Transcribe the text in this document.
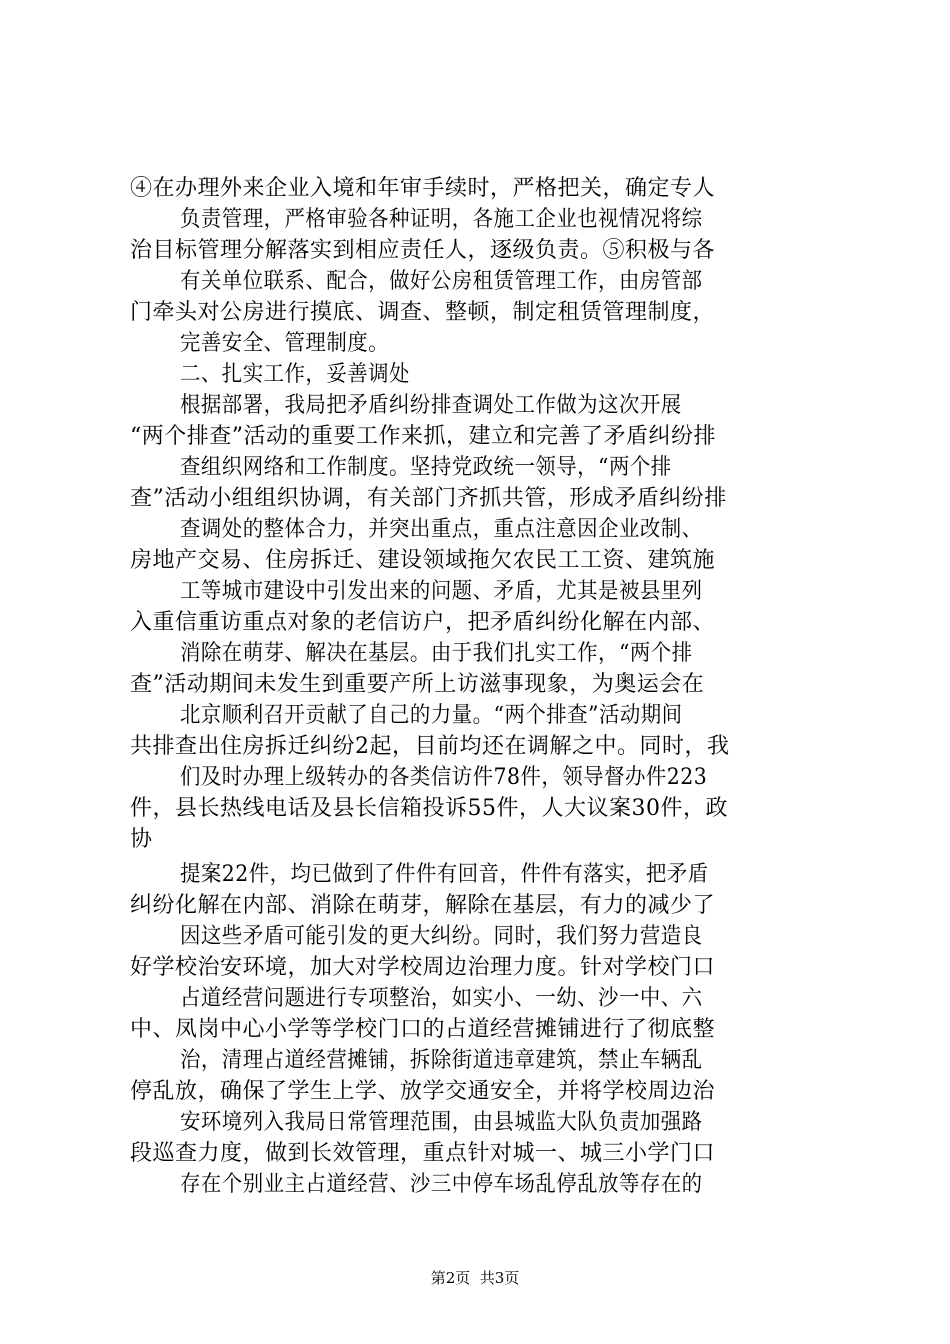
④在办理外来企业入境和年审手续时，严格把关，确定专人
负责管理，严格审验各种证明，各施工企业也视情况将综
治目标管理分解落实到相应责任人，逐级负责。⑤积极与各
有关单位联系、配合，做好公房租赁管理工作，由房管部
门牵头对公房进行摸底、调查、整顿，制定租赁管理制度，
完善安全、管理制度。
二、扎实工作，妥善调处
根据部署，我局把矛盾纠纷排查调处工作做为这次开展
“两个排查”活动的重要工作来抓，建立和完善了矛盾纠纷排
查组织网络和工作制度。坚持党政统一领导，“两个排
查”活动小组组织协调，有关部门齐抓共管，形成矛盾纠纷排
查调处的整体合力，并突出重点，重点注意因企业改制、
房地产交易、住房拆迁、建设领域拖欠农民工工资、建筑施
工等城市建设中引发出来的问题、矛盾，尤其是被县里列
入重信重访重点对象的老信访户，把矛盾纠纷化解在内部、
消除在萌芽、解决在基层。由于我们扎实工作，“两个排
查”活动期间未发生到重要产所上访滋事现象，为奥运会在
北京顺利召开贡献了自己的力量。“两个排查”活动期间
共排查出住房拆迁纠纷2起，目前均还在调解之中。同时，我
们及时办理上级转办的各类信访件78件，领导督办件223
件，县长热线电话及县长信箱投诉55件，人大议案30件，政
协
提案22件，均已做到了件件有回音，件件有落实，把矛盾
纠纷化解在内部、消除在萌芽，解除在基层，有力的减少了
因这些矛盾可能引发的更大纠纷。同时，我们努力营造良
好学校治安环境，加大对学校周边治理力度。针对学校门口
占道经营问题进行专项整治，如实小、一幼、沙一中、六
中、凤岗中心小学等学校门口的占道经营摊铺进行了彻底整
治，清理占道经营摊铺，拆除街道违章建筑，禁止车辆乱
停乱放，确保了学生上学、放学交通安全，并将学校周边治
安环境列入我局日常管理范围，由县城监大队负责加强路
段巡查力度，做到长效管理，重点针对城一、城三小学门口
存在个别业主占道经营、沙三中停车场乱停乱放等存在的
第2页  共3页
